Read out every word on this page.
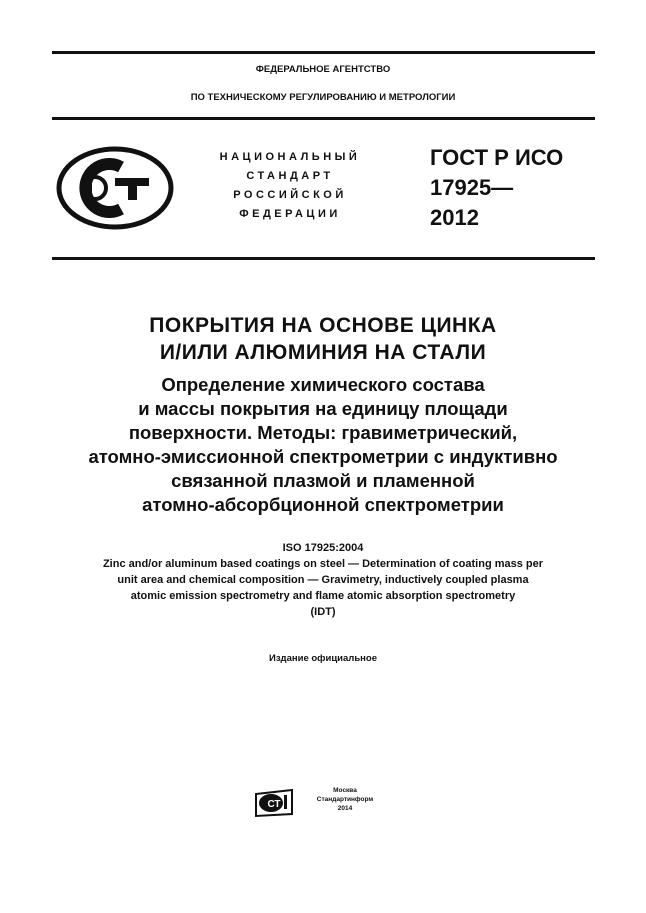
ФЕДЕРАЛЬНОЕ АГЕНТСТВО
ПО ТЕХНИЧЕСКОМУ РЕГУЛИРОВАНИЮ И МЕТРОЛОГИИ
НАЦИОНАЛЬНЫЙ
СТАНДАРТ
РОССИЙСКОЙ
ФЕДЕРАЦИИ
ГОСТ Р ИСО
17925—
2012
ПОКРЫТИЯ НА ОСНОВЕ ЦИНКА
И/ИЛИ АЛЮМИНИЯ НА СТАЛИ
Определение химического состава
и массы покрытия на единицу площади
поверхности. Методы: гравиметрический,
атомно-эмиссионной спектрометрии с индуктивно
связанной плазмой и пламенной
атомно-абсорбционной спектрометрии
ISO 17925:2004
Zinc and/or aluminum based coatings on steel — Determination of coating mass per
unit area and chemical composition — Gravimetry, inductively coupled plasma
atomic emission spectrometry and flame atomic absorption spectrometry
(IDT)
Издание официальное
СТ
Москва
Стандартинформ
2014
